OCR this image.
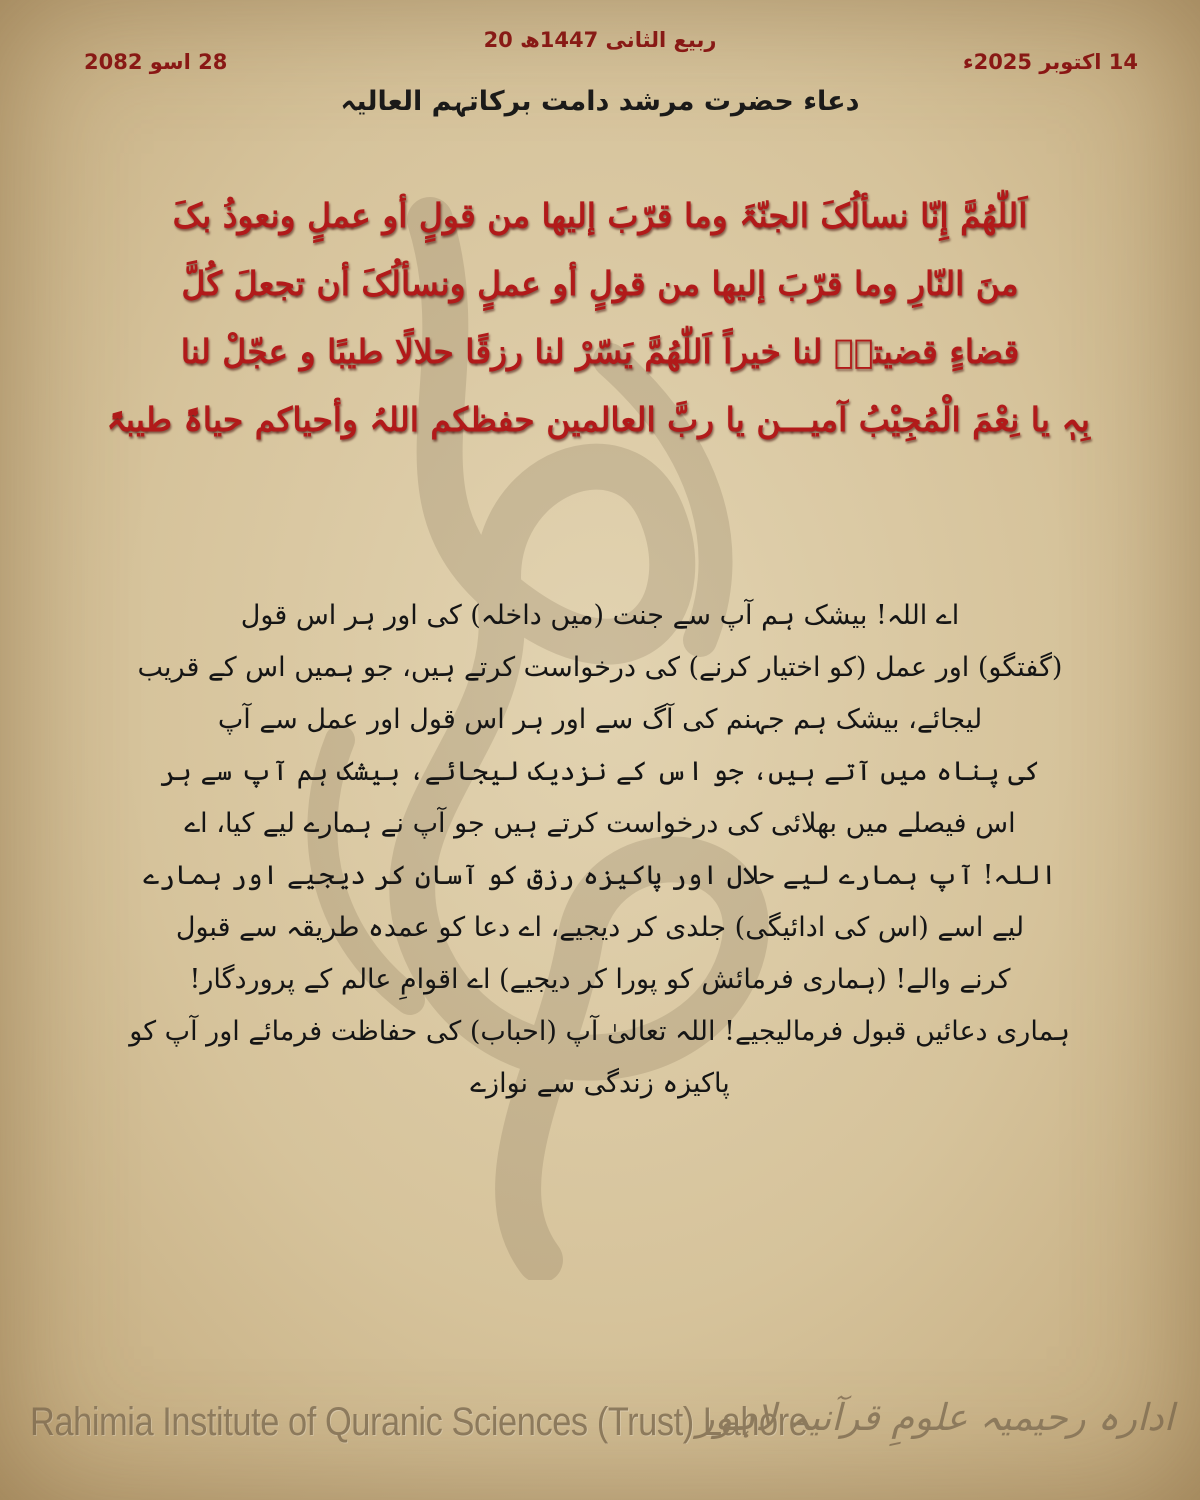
20 ربیع الثانی 1447ھ
14 اکتوبر 2025ء
28 اسو 2082
دعاء حضرت مرشد دامت برکاتہم العالیہ
اَللّٰھُمَّ إِنّا نسألُکَ الجنّۃَ وما قرّبَ إلیھا من قولٍ أو عملٍ ونعوذُ بکَ
منَ النّارِ وما قرّبَ إلیھا من قولٍ أو عملٍ ونسألُکَ أن تجعلَ کُلَّ
قضاءٍ قضیتہٗ لنا خیراً اَللّٰھُمَّ یَسّرْ لنا رزقًا حلالًا طیبًا و عجّلْ لنا
بِہٖ یا نِعْمَ الْمُجِیْبُ آمیـــن یا ربَّ العالمین حفظکم اللہُ وأحیاکم حیاۃً طیبۃً
اے اللہ! بیشک ہم آپ سے جنت (میں داخلہ) کی اور ہر اس قول
(گفتگو) اور عمل (کو اختیار کرنے) کی درخواست کرتے ہیں، جو ہمیں اس کے قریب
لیجائے، بیشک ہم جہنم کی آگ سے اور ہر اس قول اور عمل سے آپ
کی پناہ میں آتے ہیں، جو اس کے نزدیک لیجائے، بیشک ہم آپ سے ہر
اس فیصلے میں بھلائی کی درخواست کرتے ہیں جو آپ نے ہمارے لیے کیا، اے
اللہ! آپ ہمارے لیے حلال اور پاکیزہ رزق کو آسان کر دیجیے اور ہمارے
لیے اسے (اس کی ادائیگی) جلدی کر دیجیے، اے دعا کو عمدہ طریقہ سے قبول
کرنے والے! (ہماری فرمائش کو پورا کر دیجیے) اے اقوامِ عالم کے پروردگار!
ہماری دعائیں قبول فرمالیجیے! اللہ تعالیٰ آپ (احباب) کی حفاظت فرمائے اور آپ کو
پاکیزہ زندگی سے نوازے
Rahimia Institute of Quranic Sciences (Trust) Lahore
ادارہ رحیمیہ علومِ قرآنیہ لاہور
